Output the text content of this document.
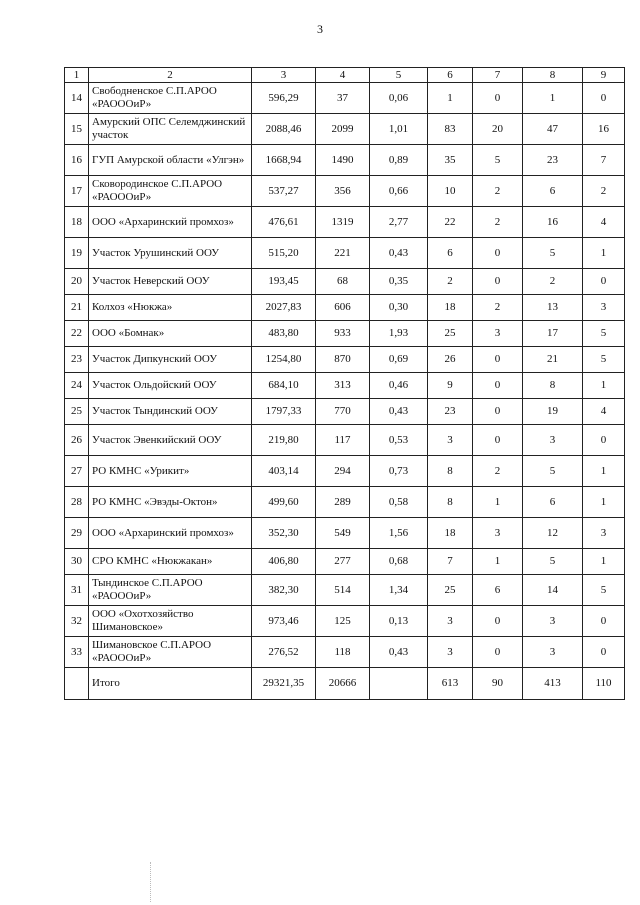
3
1	2	3	4	5	6	7	8	9
14	Свободненское С.П.АРОО «РАОООиР»	596,29	37	0,06	1	0	1	0
15	Амурский ОПС Селемджинский участок	2088,46	2099	1,01	83	20	47	16
16	ГУП Амурской области «Улгэн»	1668,94	1490	0,89	35	5	23	7
17	Сковородинское С.П.АРОО «РАОООиР»	537,27	356	0,66	10	2	6	2
18	ООО «Архаринский промхоз»	476,61	1319	2,77	22	2	16	4
19	Участок Урушинский ООУ	515,20	221	0,43	6	0	5	1
20	Участок Неверский ООУ	193,45	68	0,35	2	0	2	0
21	Колхоз «Нюкжа»	2027,83	606	0,30	18	2	13	3
22	ООО «Бомнак»	483,80	933	1,93	25	3	17	5
23	Участок Дипкунский ООУ	1254,80	870	0,69	26	0	21	5
24	Участок Ольдойский ООУ	684,10	313	0,46	9	0	8	1
25	Участок Тындинский ООУ	1797,33	770	0,43	23	0	19	4
26	Участок Эвенкийский ООУ	219,80	117	0,53	3	0	3	0
27	РО КМНС «Урикит»	403,14	294	0,73	8	2	5	1
28	РО КМНС «Эвэды-Октон»	499,60	289	0,58	8	1	6	1
29	ООО «Архаринский промхоз»	352,30	549	1,56	18	3	12	3
30	СРО КМНС «Нюкжакан»	406,80	277	0,68	7	1	5	1
31	Тындинское С.П.АРОО «РАОООиР»	382,30	514	1,34	25	6	14	5
32	ООО «Охотхозяйство Шимановское»	973,46	125	0,13	3	0	3	0
33	Шимановское С.П.АРОО «РАОООиР»	276,52	118	0,43	3	0	3	0
	Итого	29321,35	20666		613	90	413	110
